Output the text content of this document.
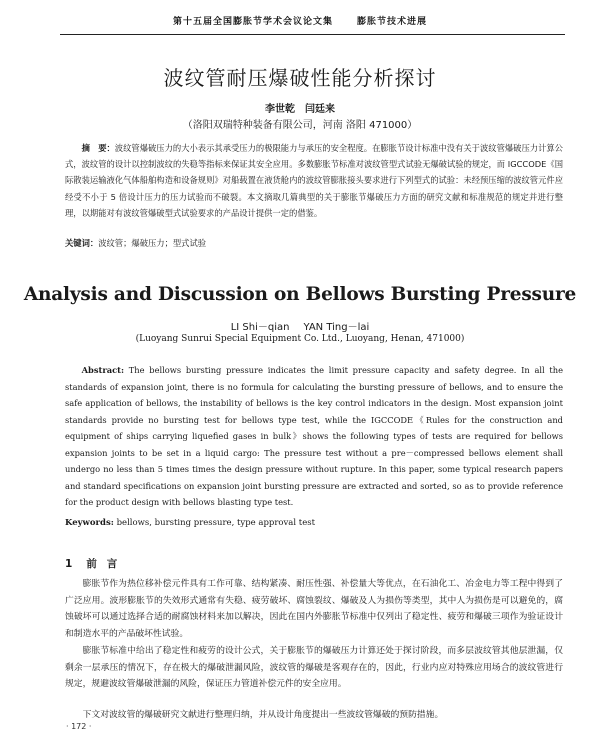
第十五届全国膨胀节学术会议论文集	膨胀节技术进展
波纹管耐压爆破性能分析探讨
李世乾 闫廷来
（洛阳双瑞特种装备有限公司，河南 洛阳 471000）

摘　要：波纹管爆破压力的大小表示其承受压力的极限能力与承压的安全程度。在膨胀节设计标准中没有关于波纹管爆破压力计算公式，波纹管的设计以控制波纹的失稳等指标来保证其安全应用。多数膨胀节标准对波纹管型式试验无爆破试验的规定，而 IGCCODE《国际散装运输液化气体船舶构造和设备规则》对船载置在液货舱内的波纹管膨胀接头要求进行下列型式的试验：未经预压缩的波纹管元件应经受不小于 5 倍设计压力的压力试验而不破裂。本文摘取几篇典型的关于膨胀节爆破压力方面的研究文献和标准规范的规定并进行整理，以期能对有波纹管爆破型式试验要求的产品设计提供一定的借鉴。

关键词：波纹管；爆破压力；型式试验

Analysis and Discussion on Bellows Bursting Pressure
LI Shi－qian YAN Ting－lai
(Luoyang Sunrui Special Equipment Co. Ltd., Luoyang, Henan, 471000)

Abstract: The bellows bursting pressure indicates the limit pressure capacity and safety degree. In all the standards of expansion joint, there is no formula for calculating the bursting pressure of bellows, and to ensure the safe application of bellows, the instability of bellows is the key control indicators in the design. Most expansion joint standards provide no bursting test for bellows type test, while the IGCCODE《Rules for the construction and equipment of ships carrying liquefied gases in bulk》shows the following types of tests are required for bellows expansion joints to be set in a liquid cargo: The pressure test without a pre－compressed bellows element shall undergo no less than 5 times times the design pressure without rupture. In this paper, some typical research papers and standard specifications on expansion joint bursting pressure are extracted and sorted, so as to provide reference for the product design with bellows blasting type test.

Keywords: bellows, bursting pressure, type approval test

1 前言

膨胀节作为热位移补偿元件具有工作可靠、结构紧凑、耐压性强、补偿量大等优点，在石油化工、冶金电力等工程中得到了广泛应用。波形膨胀节的失效形式通常有失稳、疲劳破坏、腐蚀裂纹、爆破及人为损伤等类型，其中人为损伤是可以避免的，腐蚀破坏可以通过选择合适的耐腐蚀材料来加以解决，因此在国内外膨胀节标准中仅列出了稳定性、疲劳和爆破三项作为验证设计和制造水平的产品破坏性试验。

膨胀节标准中给出了稳定性和疲劳的设计公式，关于膨胀节的爆破压力计算还处于探讨阶段，而多层波纹管其他层泄漏，仅剩余一层承压的情况下，存在极大的爆破泄漏风险，波纹管的爆破是客观存在的，因此，行业内应对特殊应用场合的波纹管进行规定，规避波纹管爆破泄漏的风险，保证压力管道补偿元件的安全应用。

下文对波纹管的爆破研究文献进行整理归纳，并从设计角度提出一些波纹管爆破的预防措施。

· 172 ·
